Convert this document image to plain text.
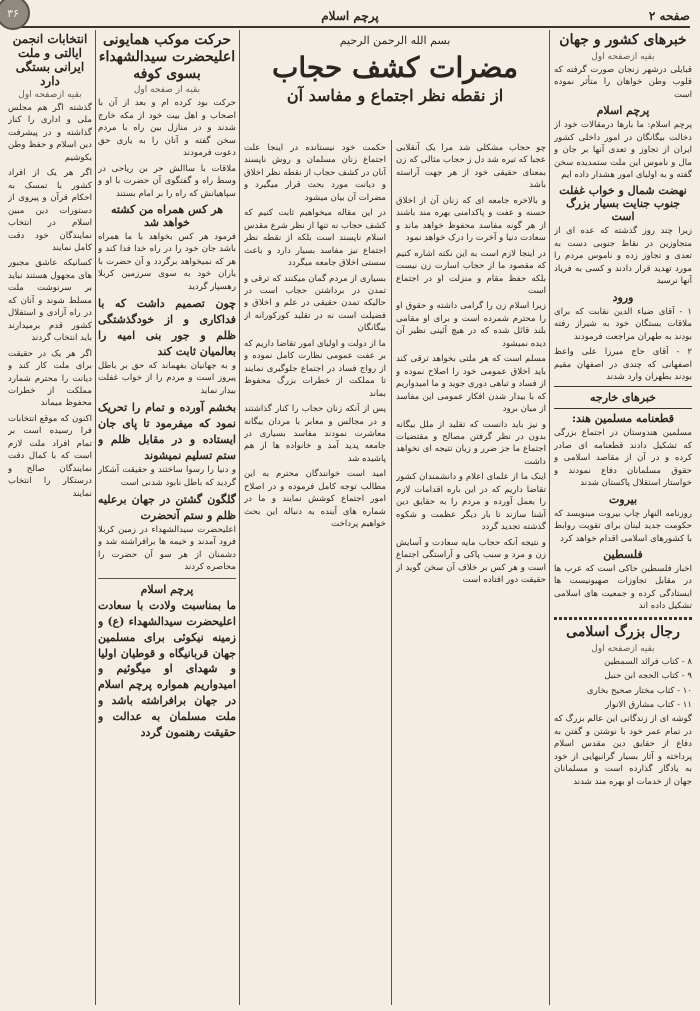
صفحه ۲
پرچم اسلام
۳۶
خبرهای کشور و جهان
بقیه ازصفحه اول

قبایلی درشهر زنجان صورت گرفته که قلوب وطن خواهان را متأثر نموده است

پرچم اسلام

پرچم اسلام: ما بارها درمقالات خود از دخالت بیگانگان در امور داخلی کشور ایران از تجاوز و تعدی آنها بر جان و مال و ناموس این ملت ستمدیده سخن گفته و به اولیای امور هشدار داده ایم

نهضت شمال و خواب غفلت جنوب جنایت بسیار بزرگ است

زیرا چند روز گذشته که عده ای از متجاوزین در نقاط جنوبی دست به تعدی و تجاوز زده و ناموس مردم را مورد تهدید قرار دادند و کسی به فریاد آنها نرسید

ورود

۱ - آقای ضیاء الدین نقابت که برای ملاقات بستگان خود به شیراز رفته بودند به طهران مراجعت فرمودند

۲ - آقای حاج میرزا علی واعظ اصفهانی که چندی در اصفهان مقیم بودند بطهران وارد شدند

خبرهای خارجه
قطعنامه مسلمین هند:

مسلمین هندوستان در اجتماع بزرگی که تشکیل دادند قطعنامه ای صادر کرده و در آن از مقاصد اسلامی و حقوق مسلمانان دفاع نمودند و خواستار استقلال پاکستان شدند

بیروت

روزنامه النهار چاپ بیروت مینویسد که حکومت جدید لبنان برای تقویت روابط با کشورهای اسلامی اقدام خواهد کرد

فلسطین

اخبار فلسطین حاکی است که عرب ها در مقابل تجاوزات صهیونیست ها ایستادگی کرده و جمعیت های اسلامی تشکیل داده اند

رجال بزرگ اسلامی
بقیه ازصفحه اول

۸ - کتاب فرائد السمطین

۹ - کتاب الحجه ابن حنبل

۱۰ - کتاب مختار صحیح بخاری

۱۱ - کتاب مشارق الانوار

گوشه ای از زندگانی این عالم بزرگ که در تمام عمر خود با نوشتن و گفتن به دفاع از حقایق دین مقدس اسلام پرداخته و آثار بسیار گرانبهایی از خود به یادگار گذارده است و مسلمانان جهان از خدمات او بهره مند شدند

بسم الله الرحمن الرحیم
مضرات کشف حجاب
از نقطه نظر اجتماع و مفاسد آن

حکمت خود نیستانده در اینجا علت اجتماع زنان مسلمان و روش ناپسند آنان در کشف حجاب از نقطه نظر اخلاق و دیانت مورد بحث قرار میگیرد و مضرات آن بیان میشود

در این مقاله میخواهیم ثابت کنیم که کشف حجاب نه تنها از نظر شرع مقدس اسلام ناپسند است بلکه از نقطه نظر اجتماع نیز مفاسد بسیار دارد و باعث سستی اخلاق جامعه میگردد

بسیاری از مردم گمان میکنند که ترقی و تمدن در برداشتن حجاب است در حالیکه تمدن حقیقی در علم و اخلاق و فضیلت است نه در تقلید کورکورانه از بیگانگان

ما از دولت و اولیای امور تقاضا داریم که بر عفت عمومی نظارت کامل نموده و از رواج فساد در اجتماع جلوگیری نمایند تا مملکت از خطرات بزرگ محفوظ بماند

پس از آنکه زنان حجاب را کنار گذاشتند و در مجالس و معابر با مردان بیگانه معاشرت نمودند مفاسد بسیاری در جامعه پدید آمد و خانواده ها از هم پاشیده شد

امید است خوانندگان محترم به این مطالب توجه کامل فرموده و در اصلاح امور اجتماع کوشش نمایند و ما در شماره های آینده به دنباله این بحث خواهیم پرداخت

چو حجاب مشکلی شد مرا یک آنقلابی عجبا که تیره شد دل ز حجاب مثالی که زن بمعنای حقیقی خود از هر جهت آراسته باشد

و بالاخره جامعه ای که زنان آن از اخلاق حسنه و عفت و پاکدامنی بهره مند باشند از هر گونه مفاسد محفوظ خواهد ماند و سعادت دنیا و آخرت را درک خواهد نمود

در اینجا لازم است به این نکته اشاره کنیم که مقصود ما از حجاب اسارت زن نیست بلکه حفظ مقام و منزلت او در اجتماع است

زیرا اسلام زن را گرامی داشته و حقوق او را محترم شمرده است و برای او مقامی بلند قائل شده که در هیچ آئینی نظیر آن دیده نمیشود

مسلم است که هر ملتی بخواهد ترقی کند باید اخلاق عمومی خود را اصلاح نموده و از فساد و تباهی دوری جوید و ما امیدواریم که با بیدار شدن افکار عمومی این مفاسد از میان برود

و نیز باید دانست که تقلید از ملل بیگانه بدون در نظر گرفتن مصالح و مقتضیات اجتماع ما جز ضرر و زیان نتیجه ای نخواهد داشت

اینک ما از علمای اعلام و دانشمندان کشور تقاضا داریم که در این باره اقدامات لازم را بعمل آورده و مردم را به حقایق دین آشنا سازند تا بار دیگر عظمت و شکوه گذشته تجدید گردد

و نتیجه آنکه حجاب مایه سعادت و آسایش زن و مرد و سبب پاکی و آراستگی اجتماع است و هر کس بر خلاف آن سخن گوید از حقیقت دور افتاده است

حرکت موکب همایونی اعلیحضرت سیدالشهداء بسوی کوفه
بقیه از صفحه اول

حرکت بود کرده ام و بعد از آن با اصحاب و اهل بیت خود از مکه خارج شدند و در منازل بین راه با مردم سخن گفته و آنان را به یاری حق دعوت فرمودند

ملاقات با ساالش حر بن ریاحی در وسط راه و گفتگوی آن حضرت با او و سپاهیانش که راه را بر امام بستند

هر کس همراه من کشته خواهد شد

فرمود هر کس بخواهد با ما همراه باشد جان خود را در راه خدا فدا کند و هر که نمیخواهد برگردد و آن حضرت با یاران خود به سوی سرزمین کربلا رهسپار گردید

چون تصمیم داشت که با فداکاری و از خودگذشتگی ظلم و جور بنی امیه را بعالمیان ثابت کند

و به جهانیان بفهماند که حق بر باطل پیروز است و مردم را از خواب غفلت بیدار نماید

بخشم آورده و تمام را تحریک نمود که میفرمود تا پای جان ایستاده و در مقابل ظلم و ستم تسلیم نمیشوند

و دنیا را رسوا ساختند و حقیقت آشکار گردید که باطل نابود شدنی است

گلگون گشتن در جهان برعلیه ظلم و ستم آنحضرت

اعلیحضرت سیدالشهداء در زمین کربلا فرود آمدند و خیمه ها برافراشته شد و دشمنان از هر سو آن حضرت را محاصره کردند

پرچم اسلام
ما بمناسبت ولادت با سعادت اعلیحضرت سیدالشهداء (ع) و زمینه نیکوئی برای مسلمین جهان قربانیگاه و قوطیان اولیا و شهدای او میگوئیم و امیدواریم همواره پرچم اسلام در جهان برافراشته باشد و ملت مسلمان به عدالت و حقیقت رهنمون گردد
انتخابات انجمن ایالتی و ملت ایرانی بستگی دارد
بقیه ازصفحه اول

گذشته اگر هم مجلس ملی و اداری را کنار گذاشته و در پیشرفت دین اسلام و حفظ وطن بکوشیم

اگر هر یک از افراد کشور با تمسک به احکام قرآن و پیروی از دستورات دین مبین اسلام در انتخاب نمایندگان خود دقت کامل نمایند

کسانیکه عاشق مجبور های مجهول هستند نباید بر سرنوشت ملت مسلط شوند و آنان که در راه آزادی و استقلال کشور قدم برمیدارند باید انتخاب گردند

اگر هر یک در حقیقت برای ملت کار کند و دیانت را محترم شمارد مملکت از خطرات محفوظ میماند

اکنون که موقع انتخابات فرا رسیده است بر تمام افراد ملت لازم است که با کمال دقت نمایندگان صالح و درستکار را انتخاب نمایند
